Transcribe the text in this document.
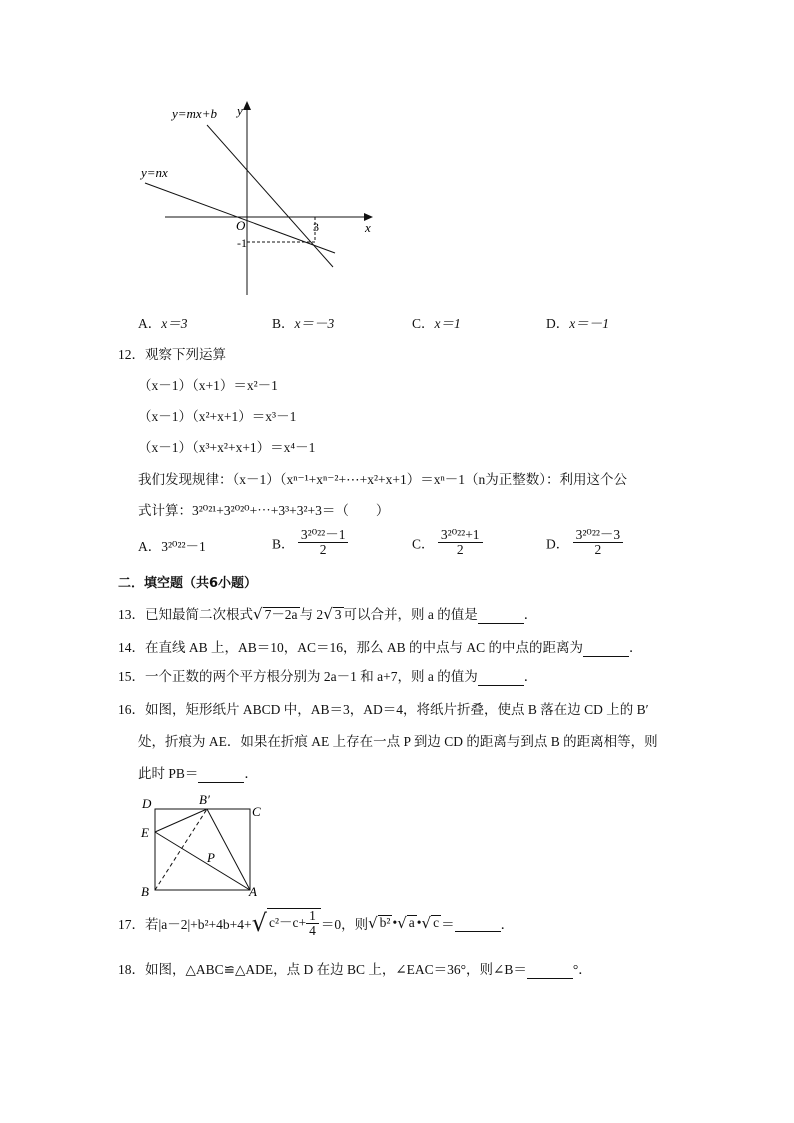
y=mx+b
y=nx
y
x
O	3
-1
A．x＝3	B．x＝－3	C．x＝1	D．x＝－1
12．观察下列运算
（x－1）（x+1）＝x²－1
（x－1）（x²+x+1）＝x³－1
（x－1）（x³+x²+x+1）＝x⁴－1
我们发现规律：（x－1）（xⁿ⁻¹+xⁿ⁻²+⋯+x²+x+1）＝xⁿ－1（n为正整数）：利用这个公
式计算：3²⁰²¹+3²⁰²⁰+⋯+3³+3²+3＝（　　）
A．3²⁰²²－1	B． $\frac{\text{3²⁰²²－1}}{2}$	C． $\frac{\text{3²⁰²²+1}}{2}$	D． $\frac{\text{3²⁰²²－3}}{2}$
二．填空题（共6小题）
13．已知最简二次根式√ 7－2a 与 2√ 3 可以合并，则 a 的值是	．
14．在直线 AB 上，AB＝10，AC＝16，那么 AB 的中点与 AC 的中点的距离为	．
15．一个正数的两个平方根分别为 2a－1 和 a+7，则 a 的值为	．
16．如图，矩形纸片 ABCD 中，AB＝3，AD＝4，将纸片折叠，使点 B 落在边 CD 上的 B′
处，折痕为 AE．如果在折痕 AE 上存在一点 P 到边 CD 的距离与到点 B 的距离相等，则
此时 PB＝	．
D	B′
C
E
P
B	A
17．若|a－2|+b²+4b+4+√ $c^2-c+ \frac{1}{4} =0$，则√ b² •√ a •√ c ＝	．
18．如图，△ABC≌△ADE，点 D 在边 BC 上，∠EAC＝36°，则∠B＝	°．
